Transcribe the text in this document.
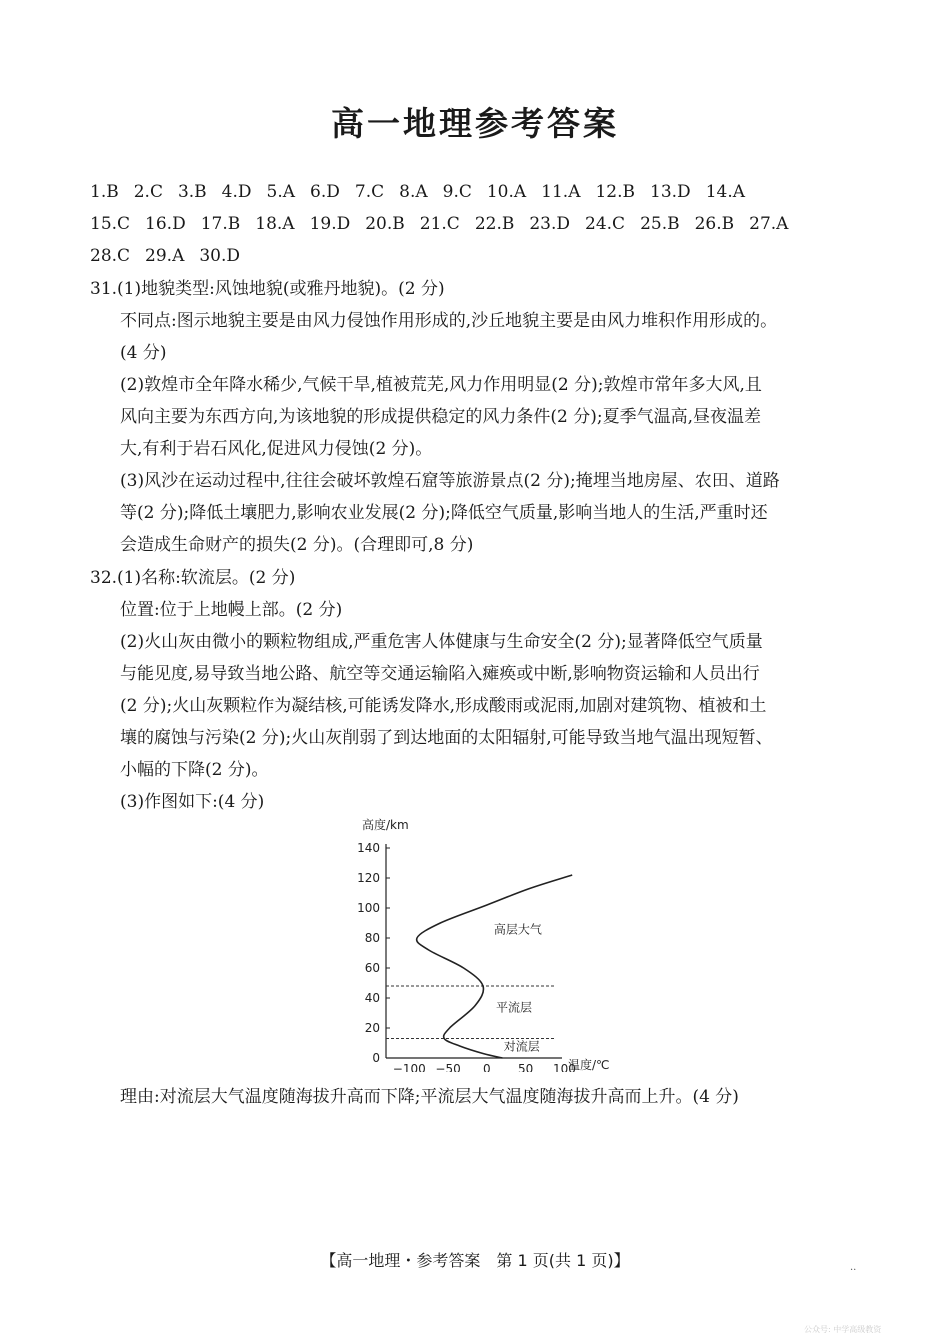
高一地理参考答案
1.B 2.C 3.B 4.D 5.A 6.D 7.C 8.A 9.C 10.A 11.A 12.B 13.D 14.A
15.C 16.D 17.B 18.A 19.D 20.B 21.C 22.B 23.D 24.C 25.B 26.B 27.A
28.C 29.A 30.D
31.(1)地貌类型:风蚀地貌(或雅丹地貌)。(2 分)
不同点:图示地貌主要是由风力侵蚀作用形成的,沙丘地貌主要是由风力堆积作用形成的。
(4 分)
(2)敦煌市全年降水稀少,气候干旱,植被荒芜,风力作用明显(2 分);敦煌市常年多大风,且
风向主要为东西方向,为该地貌的形成提供稳定的风力条件(2 分);夏季气温高,昼夜温差
大,有利于岩石风化,促进风力侵蚀(2 分)。
(3)风沙在运动过程中,往往会破坏敦煌石窟等旅游景点(2 分);掩埋当地房屋、农田、道路
等(2 分);降低土壤肥力,影响农业发展(2 分);降低空气质量,影响当地人的生活,严重时还
会造成生命财产的损失(2 分)。(合理即可,8 分)
32.(1)名称:软流层。(2 分)
位置:位于上地幔上部。(2 分)
(2)火山灰由微小的颗粒物组成,严重危害人体健康与生命安全(2 分);显著降低空气质量
与能见度,易导致当地公路、航空等交通运输陷入瘫痪或中断,影响物资运输和人员出行
(2 分);火山灰颗粒作为凝结核,可能诱发降水,形成酸雨或泥雨,加剧对建筑物、植被和土
壤的腐蚀与污染(2 分);火山灰削弱了到达地面的太阳辐射,可能导致当地气温出现短暂、
小幅的下降(2 分)。
(3)作图如下:(4 分)
高度/km
温度/℃
0
20
40
60
80
100
120
140
−100 −50 0 50 100
对流层
平流层
高层大气
理由:对流层大气温度随海拔升高而下降;平流层大气温度随海拔升高而上升。(4 分)
【高一地理・参考答案　第 1 页(共 1 页)】	..
公众号: 中学高级教资
